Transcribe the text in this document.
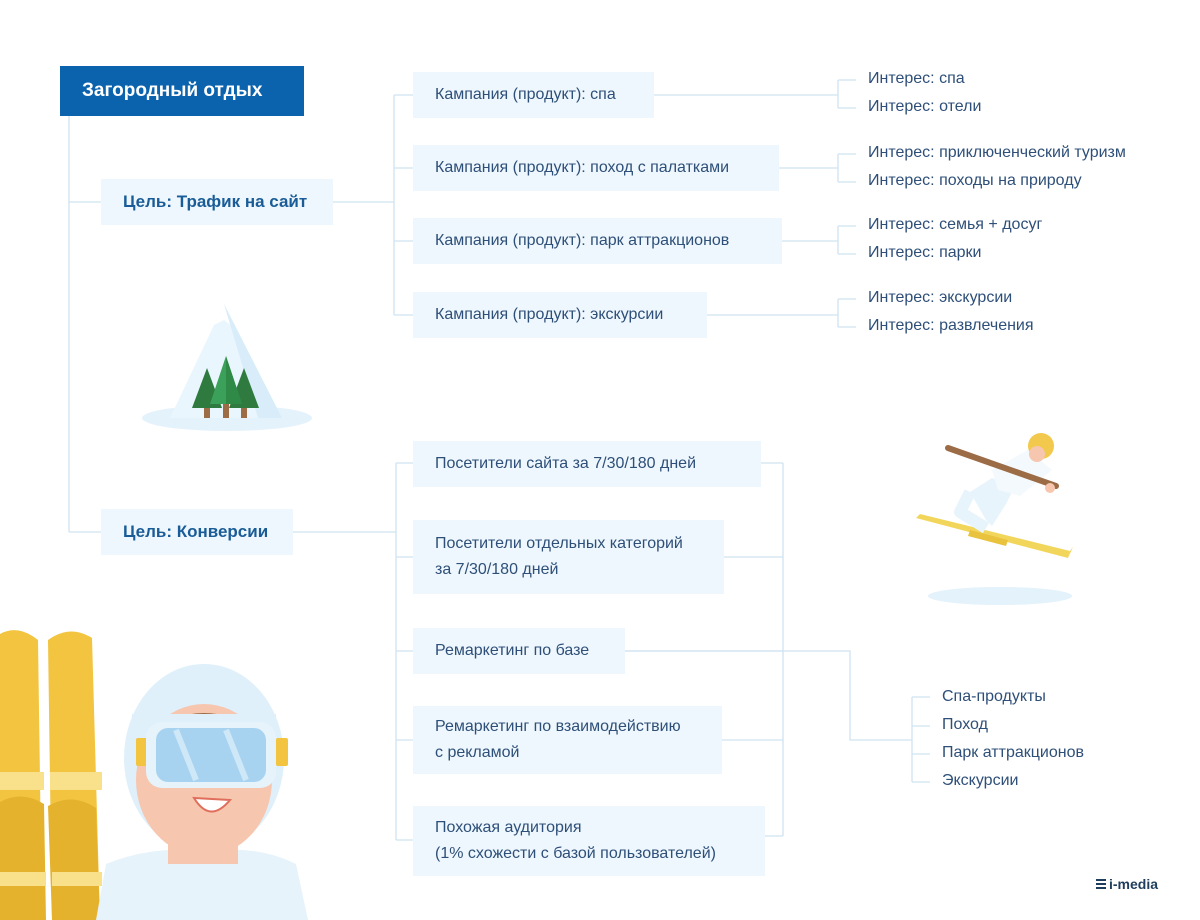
Загородный отдых
Цель: Трафик на сайт
Цель: Конверсии
Кампания (продукт): спа
Кампания (продукт): поход с палатками
Кампания (продукт): парк аттракционов
Кампания (продукт): экскурсии
Интерес: спа
Интерес: отели
Интерес: приключенческий туризм
Интерес: походы на природу
Интерес: семья + досуг
Интерес: парки
Интерес: экскурсии
Интерес: развлечения
Посетители сайта за 7/30/180 дней
Посетители отдельных категорий
за 7/30/180 дней
Ремаркетинг по базе
Ремаркетинг по взаимодействию
с рекламой
Похожая аудитория
(1% схожести с базой пользователей)
Спа-продукты
Поход
Парк аттракционов
Экскурсии
i-media
